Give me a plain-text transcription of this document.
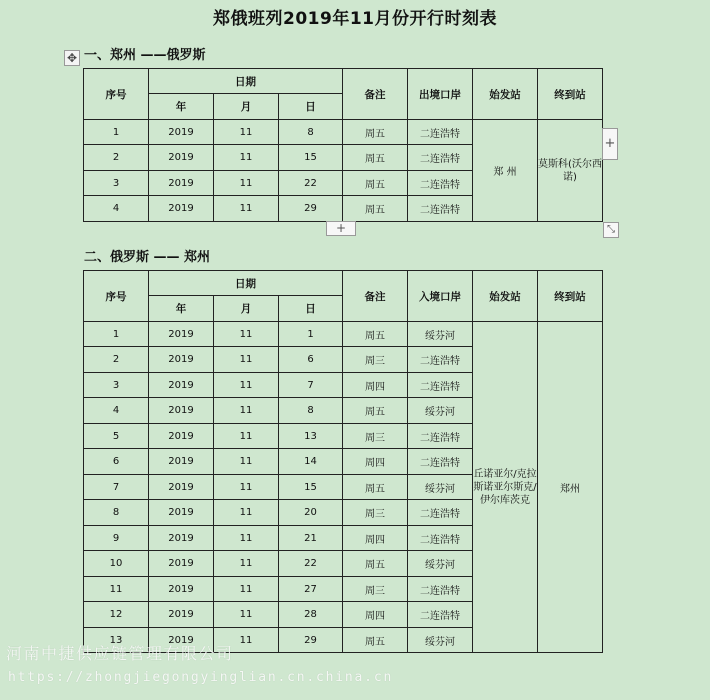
郑俄班列2019年11月份开行时刻表
✥ 一、郑州 ——俄罗斯
序号	日期			备注	出境口岸	始发站	终到站
	年	月	日				
1	2019	11	8	周五	二连浩特	郑 州	莫斯科(沃尔西诺)
2	2019	11	15	周五	二连浩特		
3	2019	11	22	周五	二连浩特		
4	2019	11	29	周五	二连浩特		
+
+
⤡
二、俄罗斯 —— 郑州
序号	日期			备注	入境口岸	始发站	终到站
	年	月	日				
1	2019	11	1	周五	绥芬河	丘诺亚尔/克拉斯诺亚尔斯克/伊尔库茨克	郑州
2	2019	11	6	周三	二连浩特		
3	2019	11	7	周四	二连浩特		
4	2019	11	8	周五	绥芬河		
5	2019	11	13	周三	二连浩特		
6	2019	11	14	周四	二连浩特		
7	2019	11	15	周五	绥芬河		
8	2019	11	20	周三	二连浩特		
9	2019	11	21	周四	二连浩特		
10	2019	11	22	周五	绥芬河		
11	2019	11	27	周三	二连浩特		
12	2019	11	28	周四	二连浩特		
13	2019	11	29	周五	绥芬河		
河南中捷供应链管理有限公司
https://zhongjiegongyinglian.cn.china.cn
